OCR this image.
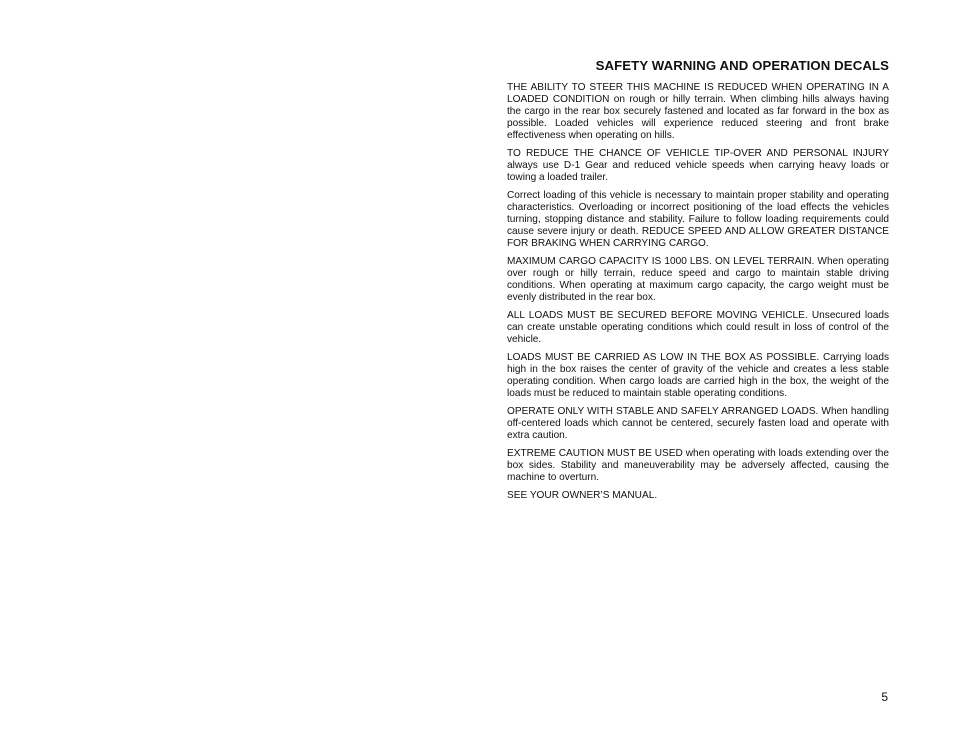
SAFETY WARNING AND OPERATION DECALS

THE ABILITY TO STEER THIS MACHINE IS REDUCED WHEN OPERATING IN A LOADED CONDITION on rough or hilly terrain. When climbing hills always having the cargo in the rear box securely fastened and located as far forward in the box as possible. Loaded vehicles will experience reduced steering and front brake effectiveness when operating on hills.

TO REDUCE THE CHANCE OF VEHICLE TIP-OVER AND PERSONAL INJURY always use D-1 Gear and reduced vehicle speeds when carrying heavy loads or towing a loaded trailer.

Correct loading of this vehicle is necessary to maintain proper stability and operating characteristics. Overloading or incorrect positioning of the load effects the vehicles turning, stopping distance and stability. Failure to follow loading requirements could cause severe injury or death. REDUCE SPEED AND ALLOW GREATER DISTANCE FOR BRAKING WHEN CARRYING CARGO.

MAXIMUM CARGO CAPACITY IS 1000 LBS. ON LEVEL TERRAIN. When operating over rough or hilly terrain, reduce speed and cargo to maintain stable driving conditions. When operating at maximum cargo capacity, the cargo weight must be evenly distributed in the rear box.

ALL LOADS MUST BE SECURED BEFORE MOVING VEHICLE. Unsecured loads can create unstable operating conditions which could result in loss of control of the vehicle.

LOADS MUST BE CARRIED AS LOW IN THE BOX AS POSSIBLE. Carrying loads high in the box raises the center of gravity of the vehicle and creates a less stable operating condition. When cargo loads are carried high in the box, the weight of the loads must be reduced to maintain stable operating conditions.

OPERATE ONLY WITH STABLE AND SAFELY ARRANGED LOADS. When handling off-centered loads which cannot be centered, securely fasten load and operate with extra caution.

EXTREME CAUTION MUST BE USED when operating with loads extending over the box sides. Stability and maneuverability may be adversely affected, causing the machine to overturn.

SEE YOUR OWNER’S MANUAL.

5
